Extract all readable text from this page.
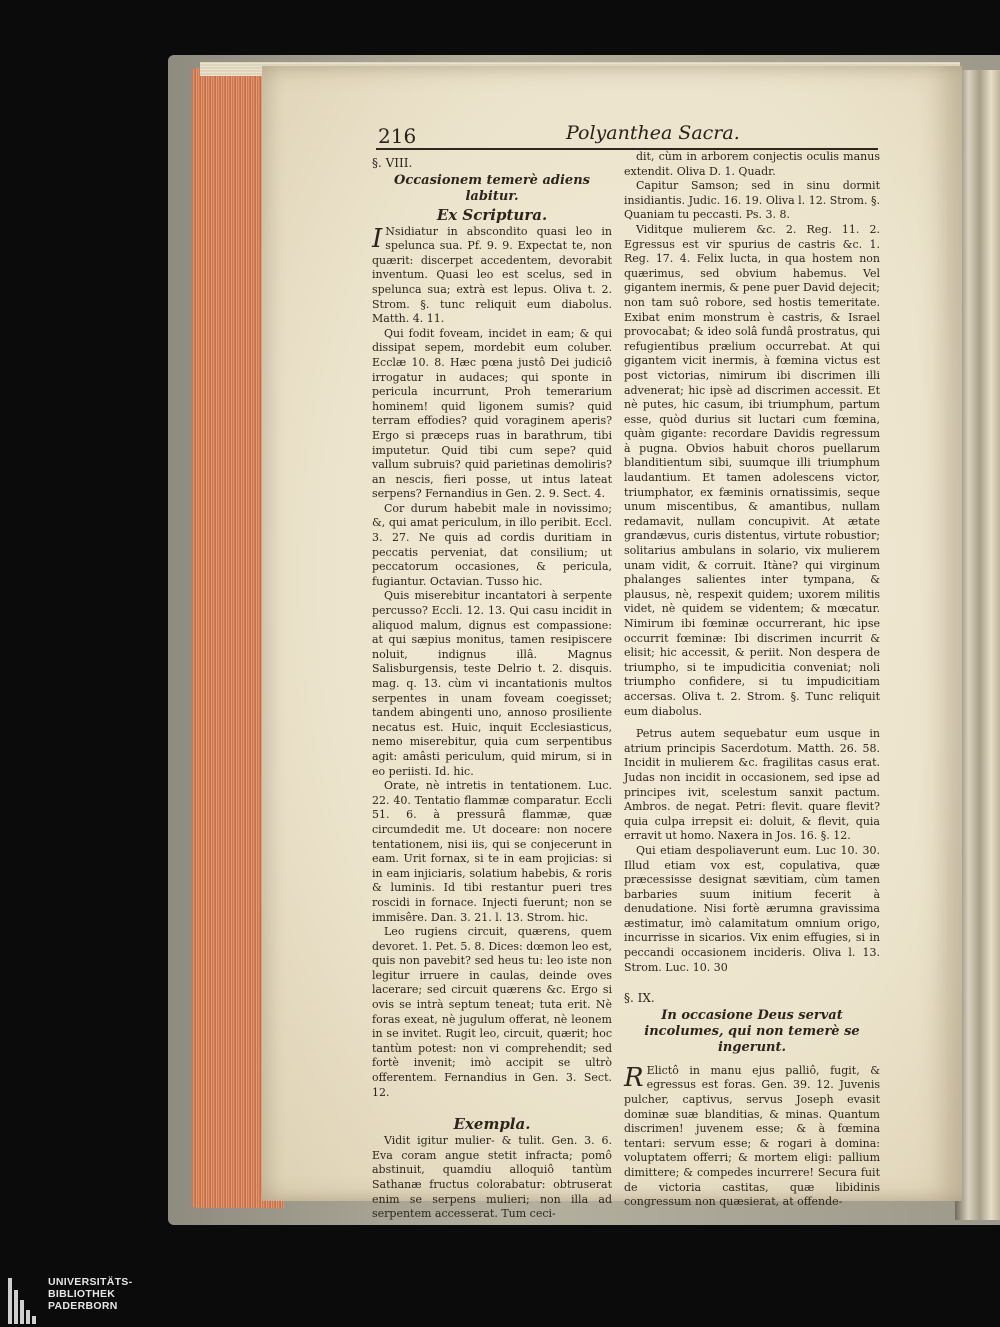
216	Polyanthea Sacra.

§. VIII.

Occasionem temerè adiens labitur.

Ex Scriptura.

I Nsidiatur in abscondito quasi leo in spelunca sua. Pf. 9. 9. Expectat te, non quærit: discerpet accedentem, devorabit inventum. Quasi leo est scelus, sed in spelunca sua; extrà est lepus. Oliva t. 2. Strom. §. tunc reliquit eum diabolus. Matth. 4. 11.

Qui fodit foveam, incidet in eam; & qui dissipat sepem, mordebit eum coluber. Ecclæ 10. 8. Hæc pœna justô Dei judiciô irrogatur in audaces; qui sponte in pericula incurrunt, Proh temerarium hominem! quid ligonem sumis? quid terram effodies? quid voraginem aperis? Ergo si præceps ruas in barathrum, tibi imputetur. Quid tibi cum sepe? quid vallum subruis? quid parietinas demoliris? an nescis, fieri posse, ut intus lateat serpens? Fernandius in Gen. 2. 9. Sect. 4.

Cor durum habebit male in novissimo; &, qui amat periculum, in illo peribit. Eccl. 3. 27. Ne quis ad cordis duritiam in peccatis perveniat, dat consilium; ut peccatorum occasiones, & pericula, fugiantur. Octavian. Tusso hic.

Quis miserebitur incantatori à serpente percusso? Eccli. 12. 13. Qui casu incidit in aliquod malum, dignus est compassione: at qui sæpius monitus, tamen resipiscere noluit, indignus illâ. Magnus Salisburgensis, teste Delrio t. 2. disquis. mag. q. 13. cùm vi incantationis multos serpentes in unam foveam coegisset; tandem abingenti uno, annoso prosiliente necatus est. Huic, inquit Ecclesiasticus, nemo miserebitur, quia cum serpentibus agit: amâsti periculum, quid mirum, si in eo periisti. Id. hic.

Orate, nè intretis in tentationem. Luc. 22. 40. Tentatio flammæ comparatur. Eccli 51. 6. à pressurâ flammæ, quæ circumdedit me. Ut doceare: non nocere tentationem, nisi iis, qui se conjecerunt in eam. Urit fornax, si te in eam projicias: si in eam injiciaris, solatium habebis, & roris & luminis. Id tibi restantur pueri tres roscidi in fornace. Injecti fuerunt; non se immisêre. Dan. 3. 21. l. 13. Strom. hic.

Leo rugiens circuit, quærens, quem devoret. 1. Pet. 5. 8. Dices: dœmon leo est, quis non pavebit? sed heus tu: leo iste non legitur irruere in caulas, deinde oves lacerare; sed circuit quærens &c. Ergo si ovis se intrà septum teneat; tuta erit. Nè foras exeat, nè jugulum offerat, nè leonem in se invitet. Rugit leo, circuit, quærit; hoc tantùm potest: non vi comprehendit; sed fortè invenit; imò accipit se ultrò offerentem. Fernandius in Gen. 3. Sect. 12.

Exempla.

Vidit igitur mulier- & tulit. Gen. 3. 6. Eva coram angue stetit infracta; pomô abstinuit, quamdiu alloquiô tantùm Sathanæ fructus colorabatur: obtruserat enim se serpens mulieri; non illa ad serpentem accesserat. Tum ceci-

dit, cùm in arborem conjectis oculis manus extendit. Oliva D. 1. Quadr.

Capitur Samson; sed in sinu dormit insidiantis. Judic. 16. 19. Oliva l. 12. Strom. §. Quaniam tu peccasti. Ps. 3. 8.

Viditque mulierem &c. 2. Reg. 11. 2. Egressus est vir spurius de castris &c. 1. Reg. 17. 4. Felix lucta, in qua hostem non quærimus, sed obvium habemus. Vel gigantem inermis, & pene puer David dejecit; non tam suô robore, sed hostis temeritate. Exibat enim monstrum è castris, & Israel provocabat; & ideo solâ fundâ prostratus, qui refugientibus prælium occurrebat. At qui gigantem vicit inermis, à fœmina victus est post victorias, nimirum ibi discrimen illi advenerat; hic ipsè ad discrimen accessit. Et nè putes, hic casum, ibi triumphum, partum esse, quòd durius sit luctari cum fœmina, quàm gigante: recordare Davidis regressum à pugna. Obvios habuit choros puellarum blanditientum sibi, suumque illi triumphum laudantium. Et tamen adolescens victor, triumphator, ex fæminis ornatissimis, seque unum miscentibus, & amantibus, nullam redamavit, nullam concupivit. At ætate grandævus, curis distentus, virtute robustior; solitarius ambulans in solario, vix mulierem unam vidit, & corruit. Itàne? qui virginum phalanges salientes inter tympana, & plausus, nè, respexit quidem; uxorem militis videt, nè quidem se videntem; & mœcatur. Nimirum ibi fœminæ occurrerant, hic ipse occurrit fœminæ: Ibi discrimen incurrit & elisit; hic accessit, & periit. Non despera de triumpho, si te impudicitia conveniat; noli triumpho confidere, si tu impudicitiam accersas. Oliva t. 2. Strom. §. Tunc reliquit eum diabolus.

Petrus autem sequebatur eum usque in atrium principis Sacerdotum. Matth. 26. 58. Incidit in mulierem &c. fragilitas casus erat. Judas non incidit in occasionem, sed ipse ad principes ivit, scelestum sanxit pactum. Ambros. de negat. Petri: flevit. quare flevit? quia culpa irrepsit ei: doluit, & flevit, quia erravit ut homo. Naxera in Jos. 16. §. 12.

Qui etiam despoliaverunt eum. Luc 10. 30. Illud etiam vox est, copulativa, quæ præcessisse designat sævitiam, cùm tamen barbaries suum initium fecerit à denudatione. Nisi fortè ærumna gravissima æstimatur, imò calamitatum omnium origo, incurrisse in sicarios. Vix enim effugies, si in peccandi occasionem incideris. Oliva l. 13. Strom. Luc. 10. 30

§. IX.

In occasione Deus servat incolumes, qui non temerè se ingerunt.

R Elictô in manu ejus palliô, fugit, & egressus est foras. Gen. 39. 12. Juvenis pulcher, captivus, servus Joseph evasit dominæ suæ blanditias, & minas. Quantum discrimen! juvenem esse; & à fœmina tentari: servum esse; & rogari à domina: voluptatem offerri; & mortem eligi: pallium dimittere; & compedes incurrere! Secura fuit de victoria castitas, quæ libidinis congressum non quæsierat, at offende-

UNIVERSITÄTS-
BIBLIOTHEK
PADERBORN
